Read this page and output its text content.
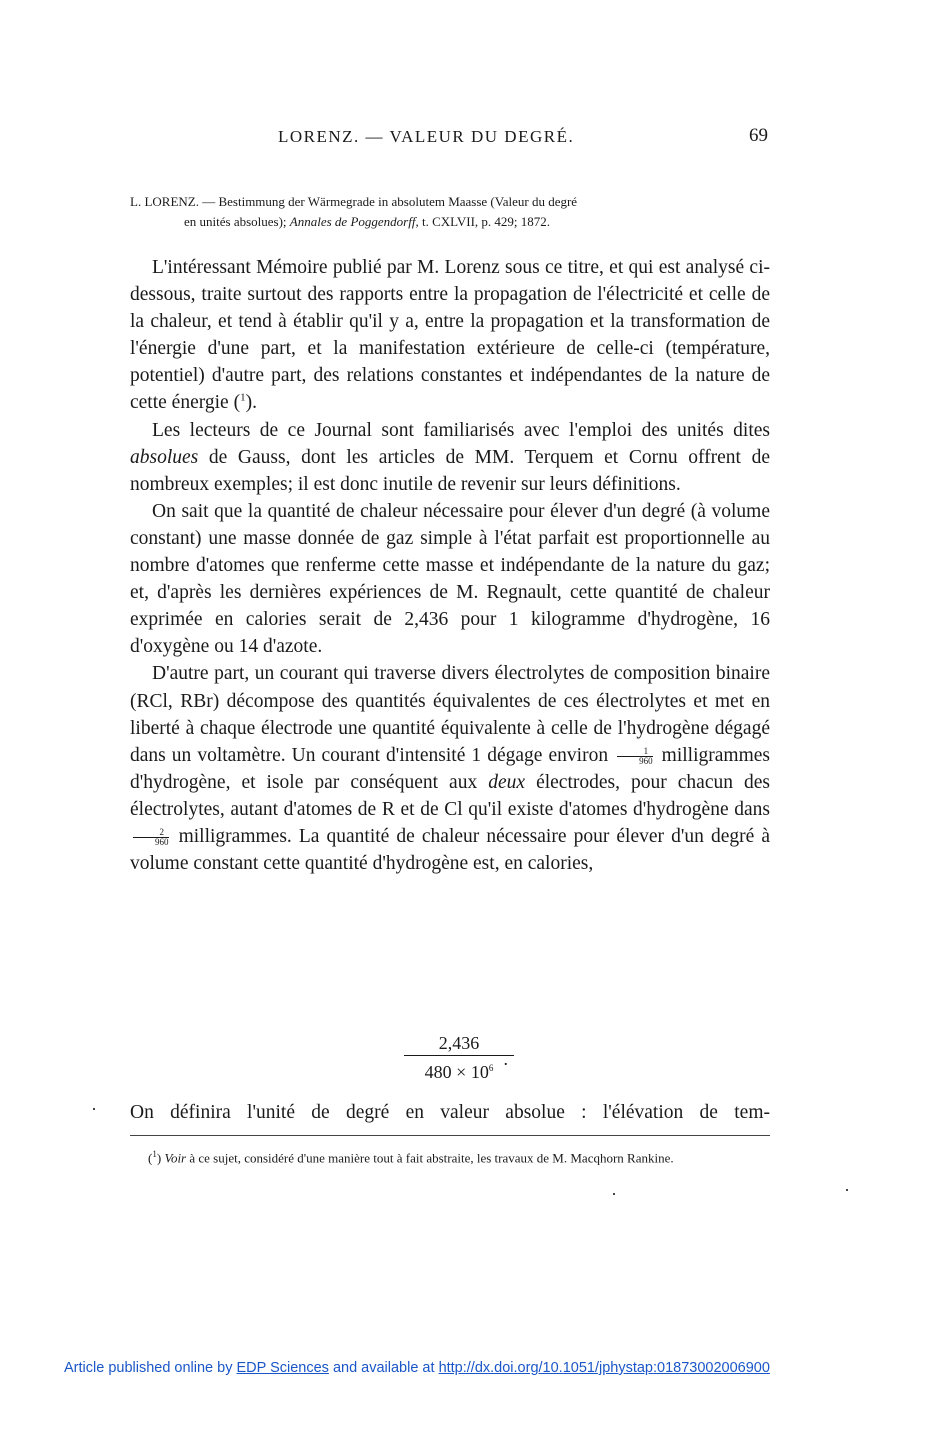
LORENZ. — VALEUR DU DEGRÉ.	69
L. LORENZ. — Bestimmung der Wärmegrade in absolutem Maasse (Valeur du degré
en unités absolues); Annales de Poggendorff, t. CXLVII, p. 429; 1872.

L'intéressant Mémoire publié par M. Lorenz sous ce titre, et qui est analysé ci-dessous, traite surtout des rapports entre la propagation de l'électricité et celle de la chaleur, et tend à établir qu'il y a, entre la propagation et la transformation de l'énergie d'une part, et la manifestation extérieure de celle-ci (température, potentiel) d'autre part, des relations constantes et indépendantes de la nature de cette énergie ($^1$).

Les lecteurs de ce Journal sont familiarisés avec l'emploi des unités dites absolues de Gauss, dont les articles de MM. Terquem et Cornu offrent de nombreux exemples; il est donc inutile de revenir sur leurs définitions.

On sait que la quantité de chaleur nécessaire pour élever d'un degré (à volume constant) une masse donnée de gaz simple à l'état parfait est proportionnelle au nombre d'atomes que renferme cette masse et indépendante de la nature du gaz; et, d'après les dernières expériences de M. Regnault, cette quantité de chaleur exprimée en calories serait de 2,436 pour 1 kilogramme d'hydrogène, 16 d'oxygène ou 14 d'azote.

D'autre part, un courant qui traverse divers électrolytes de composition binaire (RCl, RBr) décompose des quantités équivalentes de ces électrolytes et met en liberté à chaque électrode une quantité équivalente à celle de l'hydrogène dégagé dans un voltamètre. Un courant d'intensité 1 dégage environ $\frac{1}{960}$ milligrammes d'hydrogène, et isole par conséquent aux deux électrodes, pour chacun des électrolytes, autant d'atomes de R et de Cl qu'il existe d'atomes d'hydrogène dans
$\frac{2}{960}$ milligrammes. La quantité de chaleur nécessaire pour élever d'un degré à volume constant cette quantité d'hydrogène est, en calories,

2,436
$480 \times 10^6$ .
On définira l'unité de degré en valeur absolue : l'élévation de tem-

($^1$) Voir à ce sujet, considéré d'une manière tout à fait abstraite, les travaux de M. Macqhorn Rankine.

Article published online by EDP Sciences and available at http://dx.doi.org/10.1051/jphystap:01873002006900
